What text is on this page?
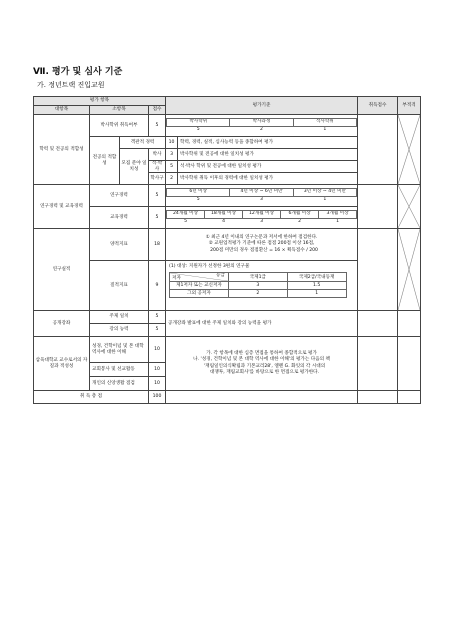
Ⅶ. 평가 및 심사 기준
가. 정년트랙 진입교원
평가 항목	평가기준	취득점수	부적격
대항목	소항목	점수
학력 및 전공의 적합성	박사학위 취득여부	5	
박사학위	박사과정	석사학위
5	2	1

전공의 적합성	객관적 경력	10	학력, 경력, 실적, 심사능력 등을 종합하여 평가
모집 분야 일치성	박사	3	박사학위 및 전공에 대한 일치성 평가
석·박사	5	석·박사 학위 및 전공에 대한 일치성 평가
학사구	2	박사학위 취득 이후의 경력에 대한 일치성 평가
연구경력 및 교육경력	연구경력	5	
6년 이상	4년 이상 ~ 6년 미만	3년 이상 ~ 4년 미만
5	3	1

교육경력	5	
24개월 이상	18개월 이상	12개월 이상	6개월 이상	3개월 이상
5	4	3	2	1

연구실적	양적지표	18	

① 최근 4년 이내의 연구논문과 저서에 한하여 점검한다.

② 교원업적평가 기준에 따른 점점 200점 이상 16점,

200점 미만의 경우 점점환산 = 16 × 획득점수 / 200

질적지표	9	
(1) 대상: 지원자가 선정한 3편의 연구물
등급
저자	국제1급	국제2급/국내등재
제1저자 또는 교신저자	3	1.5
그외 공저자	2	1

공개강좌	주제 일치	5	공개강좌 발표에 대한 주제 일치와 강의 능력을 평가		
강의 능력	5
삼육대학교 교수로서의 자질과 적성성	성경, 건학이념 및 본 대학 역사에 대한 이해	10	

가. 각 항목에 대한 심층 면접을 통하여 종합적으로 평가

나. '성경, 건학이념 및 본 대학 역사에 대한 이해'의 평가는 다음의 책

'재림일인의식확립과 기본교리28', 엘렌 G. 화잇의 각 시대의

대쟁투, 재림교회사'를 바탕으로 한 면접으로 평가한다.

교회봉사 및 선교활동	10
개인의 신앙생활 점검	10
취 득 총 점	100			
